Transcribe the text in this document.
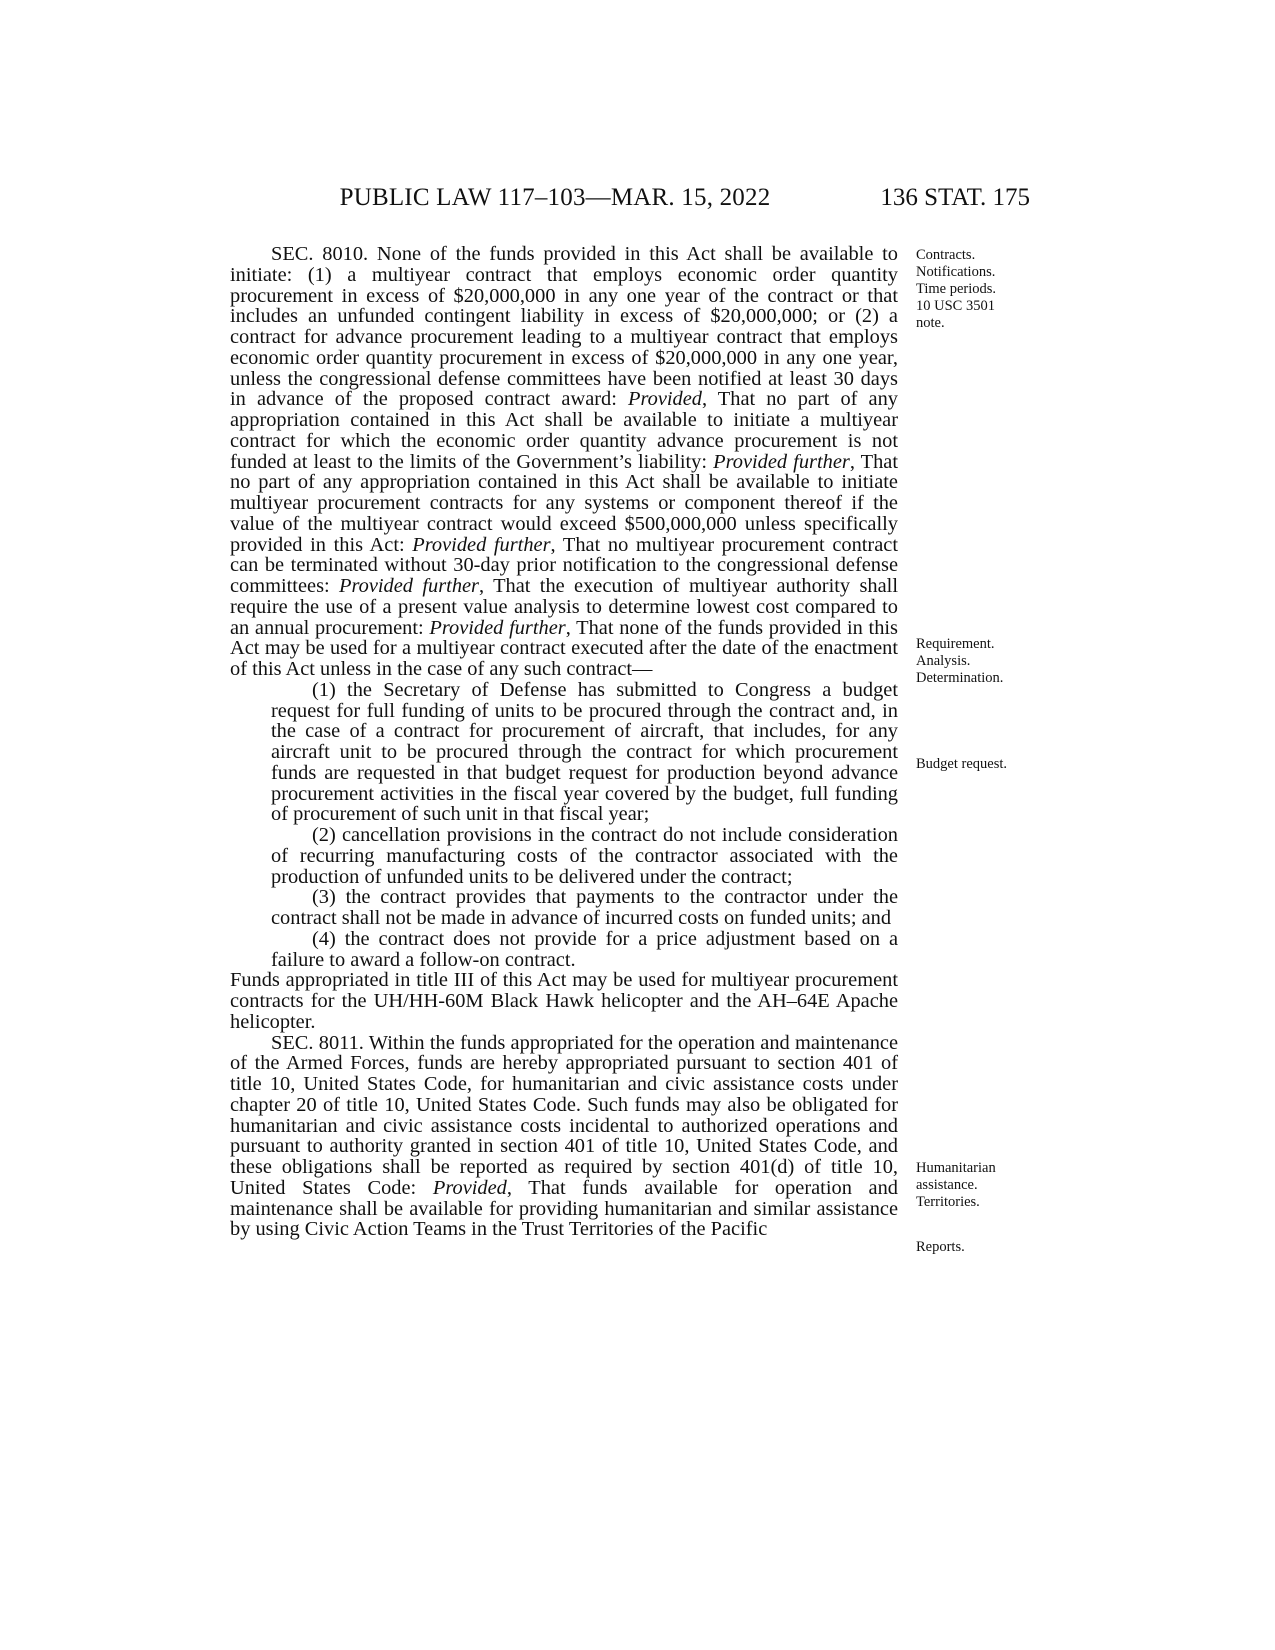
PUBLIC LAW 117–103—MAR. 15, 2022	136 STAT. 175

SEC. 8010. None of the funds provided in this Act shall be available to initiate: (1) a multiyear contract that employs economic order quantity procurement in excess of $20,000,000 in any one year of the contract or that includes an unfunded contingent liability in excess of $20,000,000; or (2) a contract for advance procurement leading to a multiyear contract that employs economic order quantity procurement in excess of $20,000,000 in any one year, unless the congressional defense committees have been notified at least 30 days in advance of the proposed contract award: Provided, That no part of any appropriation contained in this Act shall be available to initiate a multiyear contract for which the economic order quantity advance procurement is not funded at least to the limits of the Government’s liability: Provided further, That no part of any appropriation contained in this Act shall be available to initiate multiyear procurement contracts for any systems or component thereof if the value of the multiyear contract would exceed $500,000,000 unless specifically provided in this Act: Provided further, That no multiyear procurement contract can be terminated without 30-day prior notification to the congressional defense committees: Provided further, That the execution of multiyear authority shall require the use of a present value analysis to determine lowest cost compared to an annual procurement: Provided further, That none of the funds provided in this Act may be used for a multiyear contract executed after the date of the enactment of this Act unless in the case of any such contract—

(1) the Secretary of Defense has submitted to Congress a budget request for full funding of units to be procured through the contract and, in the case of a contract for procurement of aircraft, that includes, for any aircraft unit to be procured through the contract for which procurement funds are requested in that budget request for production beyond advance procurement activities in the fiscal year covered by the budget, full funding of procurement of such unit in that fiscal year;

(2) cancellation provisions in the contract do not include consideration of recurring manufacturing costs of the contractor associated with the production of unfunded units to be delivered under the contract;

(3) the contract provides that payments to the contractor under the contract shall not be made in advance of incurred costs on funded units; and

(4) the contract does not provide for a price adjustment based on a failure to award a follow-on contract.

Funds appropriated in title III of this Act may be used for multiyear procurement contracts for the UH/HH-60M Black Hawk helicopter and the AH–64E Apache helicopter.

SEC. 8011. Within the funds appropriated for the operation and maintenance of the Armed Forces, funds are hereby appropriated pursuant to section 401 of title 10, United States Code, for humanitarian and civic assistance costs under chapter 20 of title 10, United States Code. Such funds may also be obligated for humanitarian and civic assistance costs incidental to authorized operations and pursuant to authority granted in section 401 of title 10, United States Code, and these obligations shall be reported as required by section 401(d) of title 10, United States Code: Provided, That funds available for operation and maintenance shall be available for providing humanitarian and similar assistance by using Civic Action Teams in the Trust Territories of the Pacific

Contracts.
Notifications.
Time periods.
10 USC 3501
note.
Requirement.
Analysis.
Determination.
Budget request.
Humanitarian
assistance.
Territories.
Reports.
